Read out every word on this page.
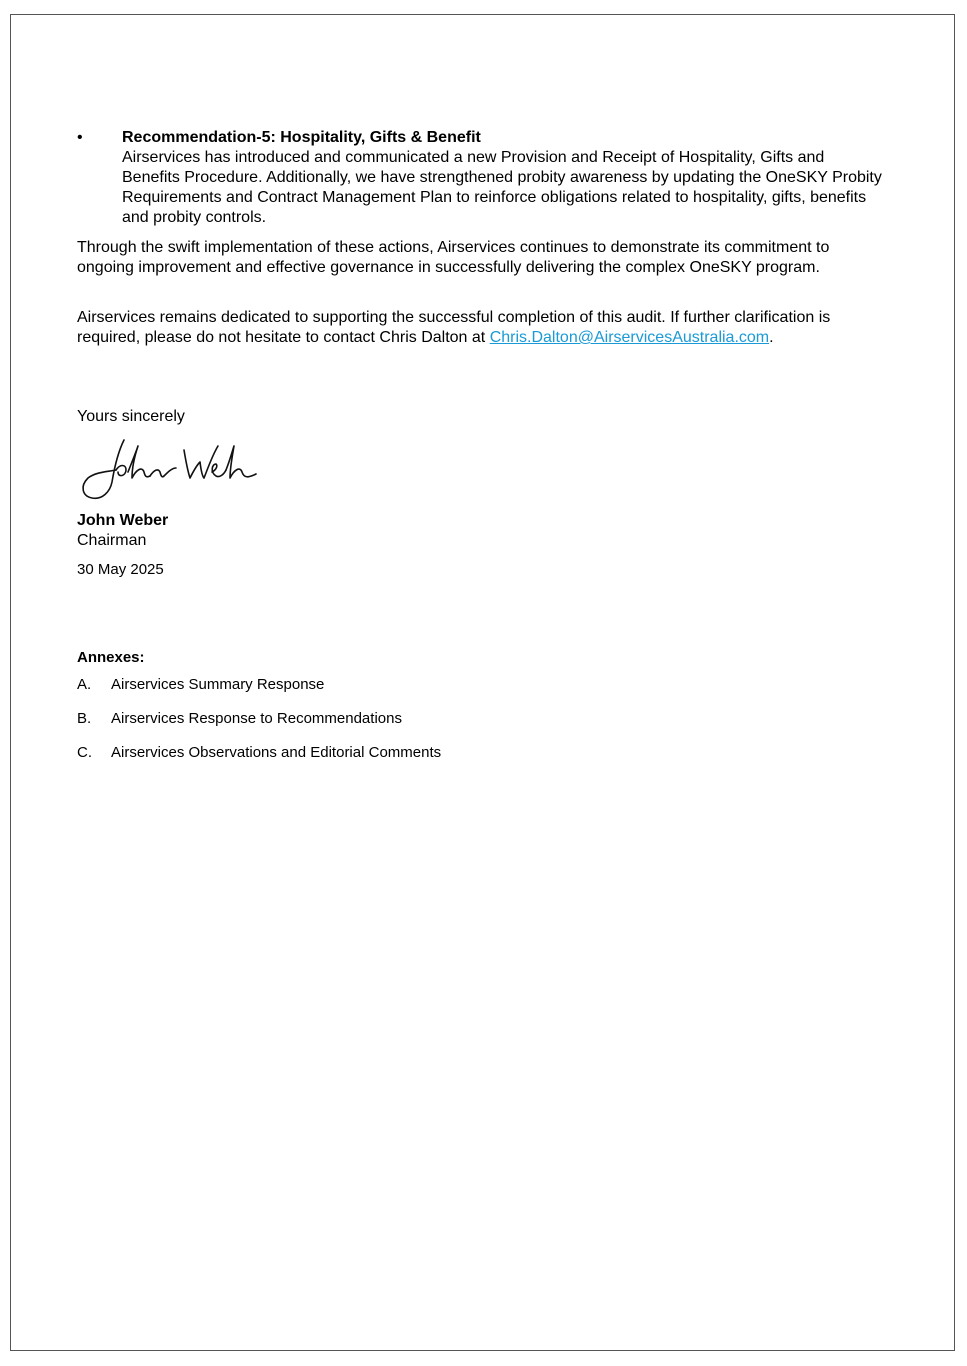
• Recommendation-5: Hospitality, Gifts & Benefit
Airservices has introduced and communicated a new Provision and Receipt of Hospitality, Gifts and Benefits Procedure. Additionally, we have strengthened probity awareness by updating the OneSKY Probity Requirements and Contract Management Plan to reinforce obligations related to hospitality, gifts, benefits and probity controls.

Through the swift implementation of these actions, Airservices continues to demonstrate its commitment to ongoing improvement and effective governance in successfully delivering the complex OneSKY program.

Airservices remains dedicated to supporting the successful completion of this audit. If further clarification is required, please do not hesitate to contact Chris Dalton at Chris.Dalton@AirservicesAustralia.com.

Yours sincerely
John Weber
Chairman
30 May 2025
Annexes:
A. Airservices Summary Response
B. Airservices Response to Recommendations
C. Airservices Observations and Editorial Comments
